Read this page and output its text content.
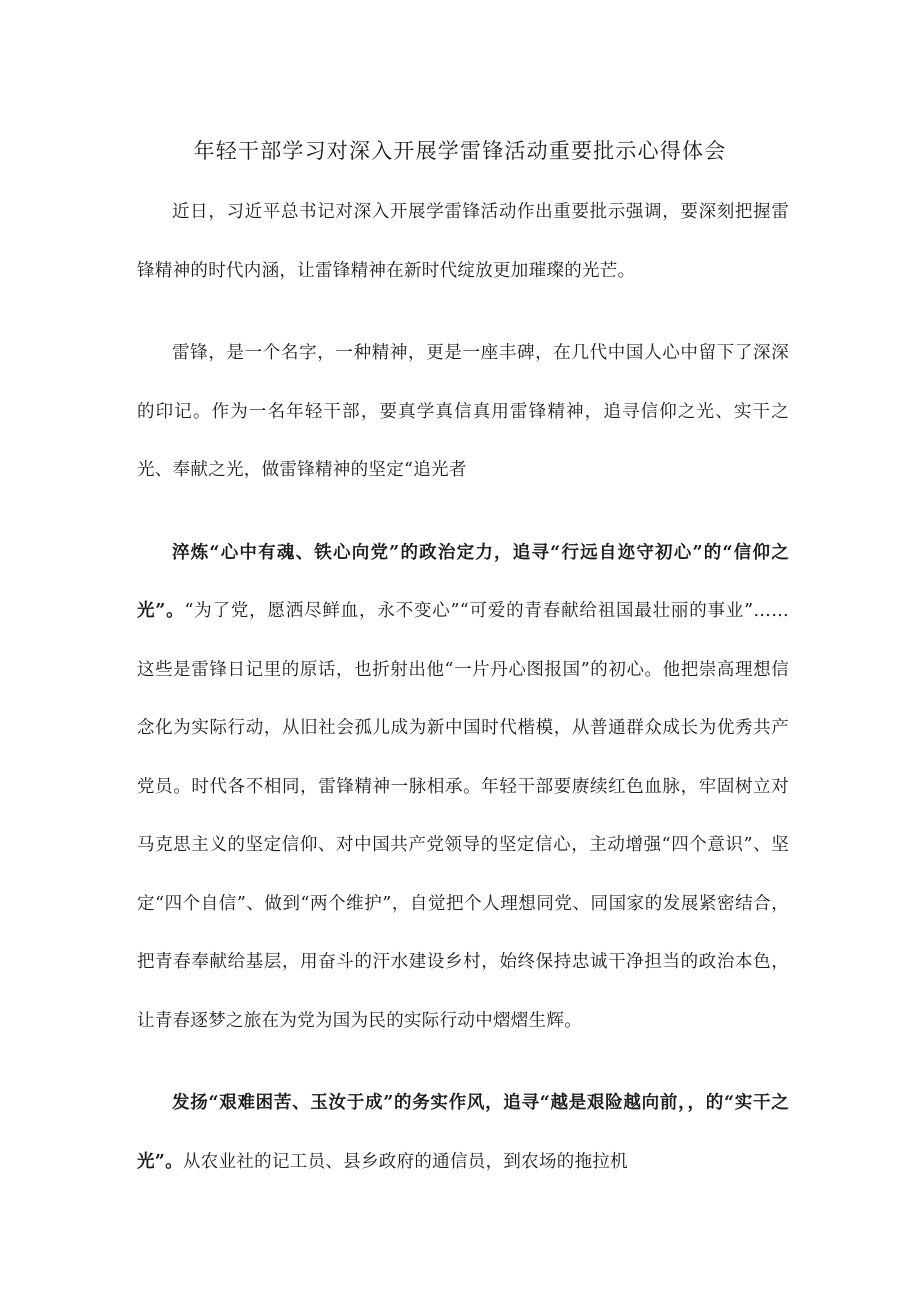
年轻干部学习对深入开展学雷锋活动重要批示心得体会

近日，习近平总书记对深入开展学雷锋活动作出重要批示强调，要深刻把握雷锋精神的时代内涵，让雷锋精神在新时代绽放更加璀璨的光芒。

雷锋，是一个名字，一种精神，更是一座丰碑，在几代中国人心中留下了深深的印记。作为一名年轻干部，要真学真信真用雷锋精神，追寻信仰之光、实干之光、奉献之光，做雷锋精神的坚定“追光者

淬炼“心中有魂、铁心向党”的政治定力，追寻“行远自迩守初心”的“信仰之光”。“为了党，愿洒尽鲜血，永不变心”“可爱的青春献给祖国最壮丽的事业”……这些是雷锋日记里的原话，也折射出他“一片丹心图报国”的初心。他把崇高理想信念化为实际行动，从旧社会孤儿成为新中国时代楷模，从普通群众成长为优秀共产党员。时代各不相同，雷锋精神一脉相承。年轻干部要赓续红色血脉，牢固树立对马克思主义的坚定信仰、对中国共产党领导的坚定信心，主动增强“四个意识”、坚定“四个自信”、做到“两个维护”，自觉把个人理想同党、同国家的发展紧密结合，把青春奉献给基层，用奋斗的汗水建设乡村，始终保持忠诚干净担当的政治本色，让青春逐梦之旅在为党为国为民的实际行动中熠熠生辉。

发扬“艰难困苦、玉汝于成”的务实作风，追寻“越是艰险越向前，，的“实干之光”。从农业社的记工员、县乡政府的通信员，到农场的拖拉机
